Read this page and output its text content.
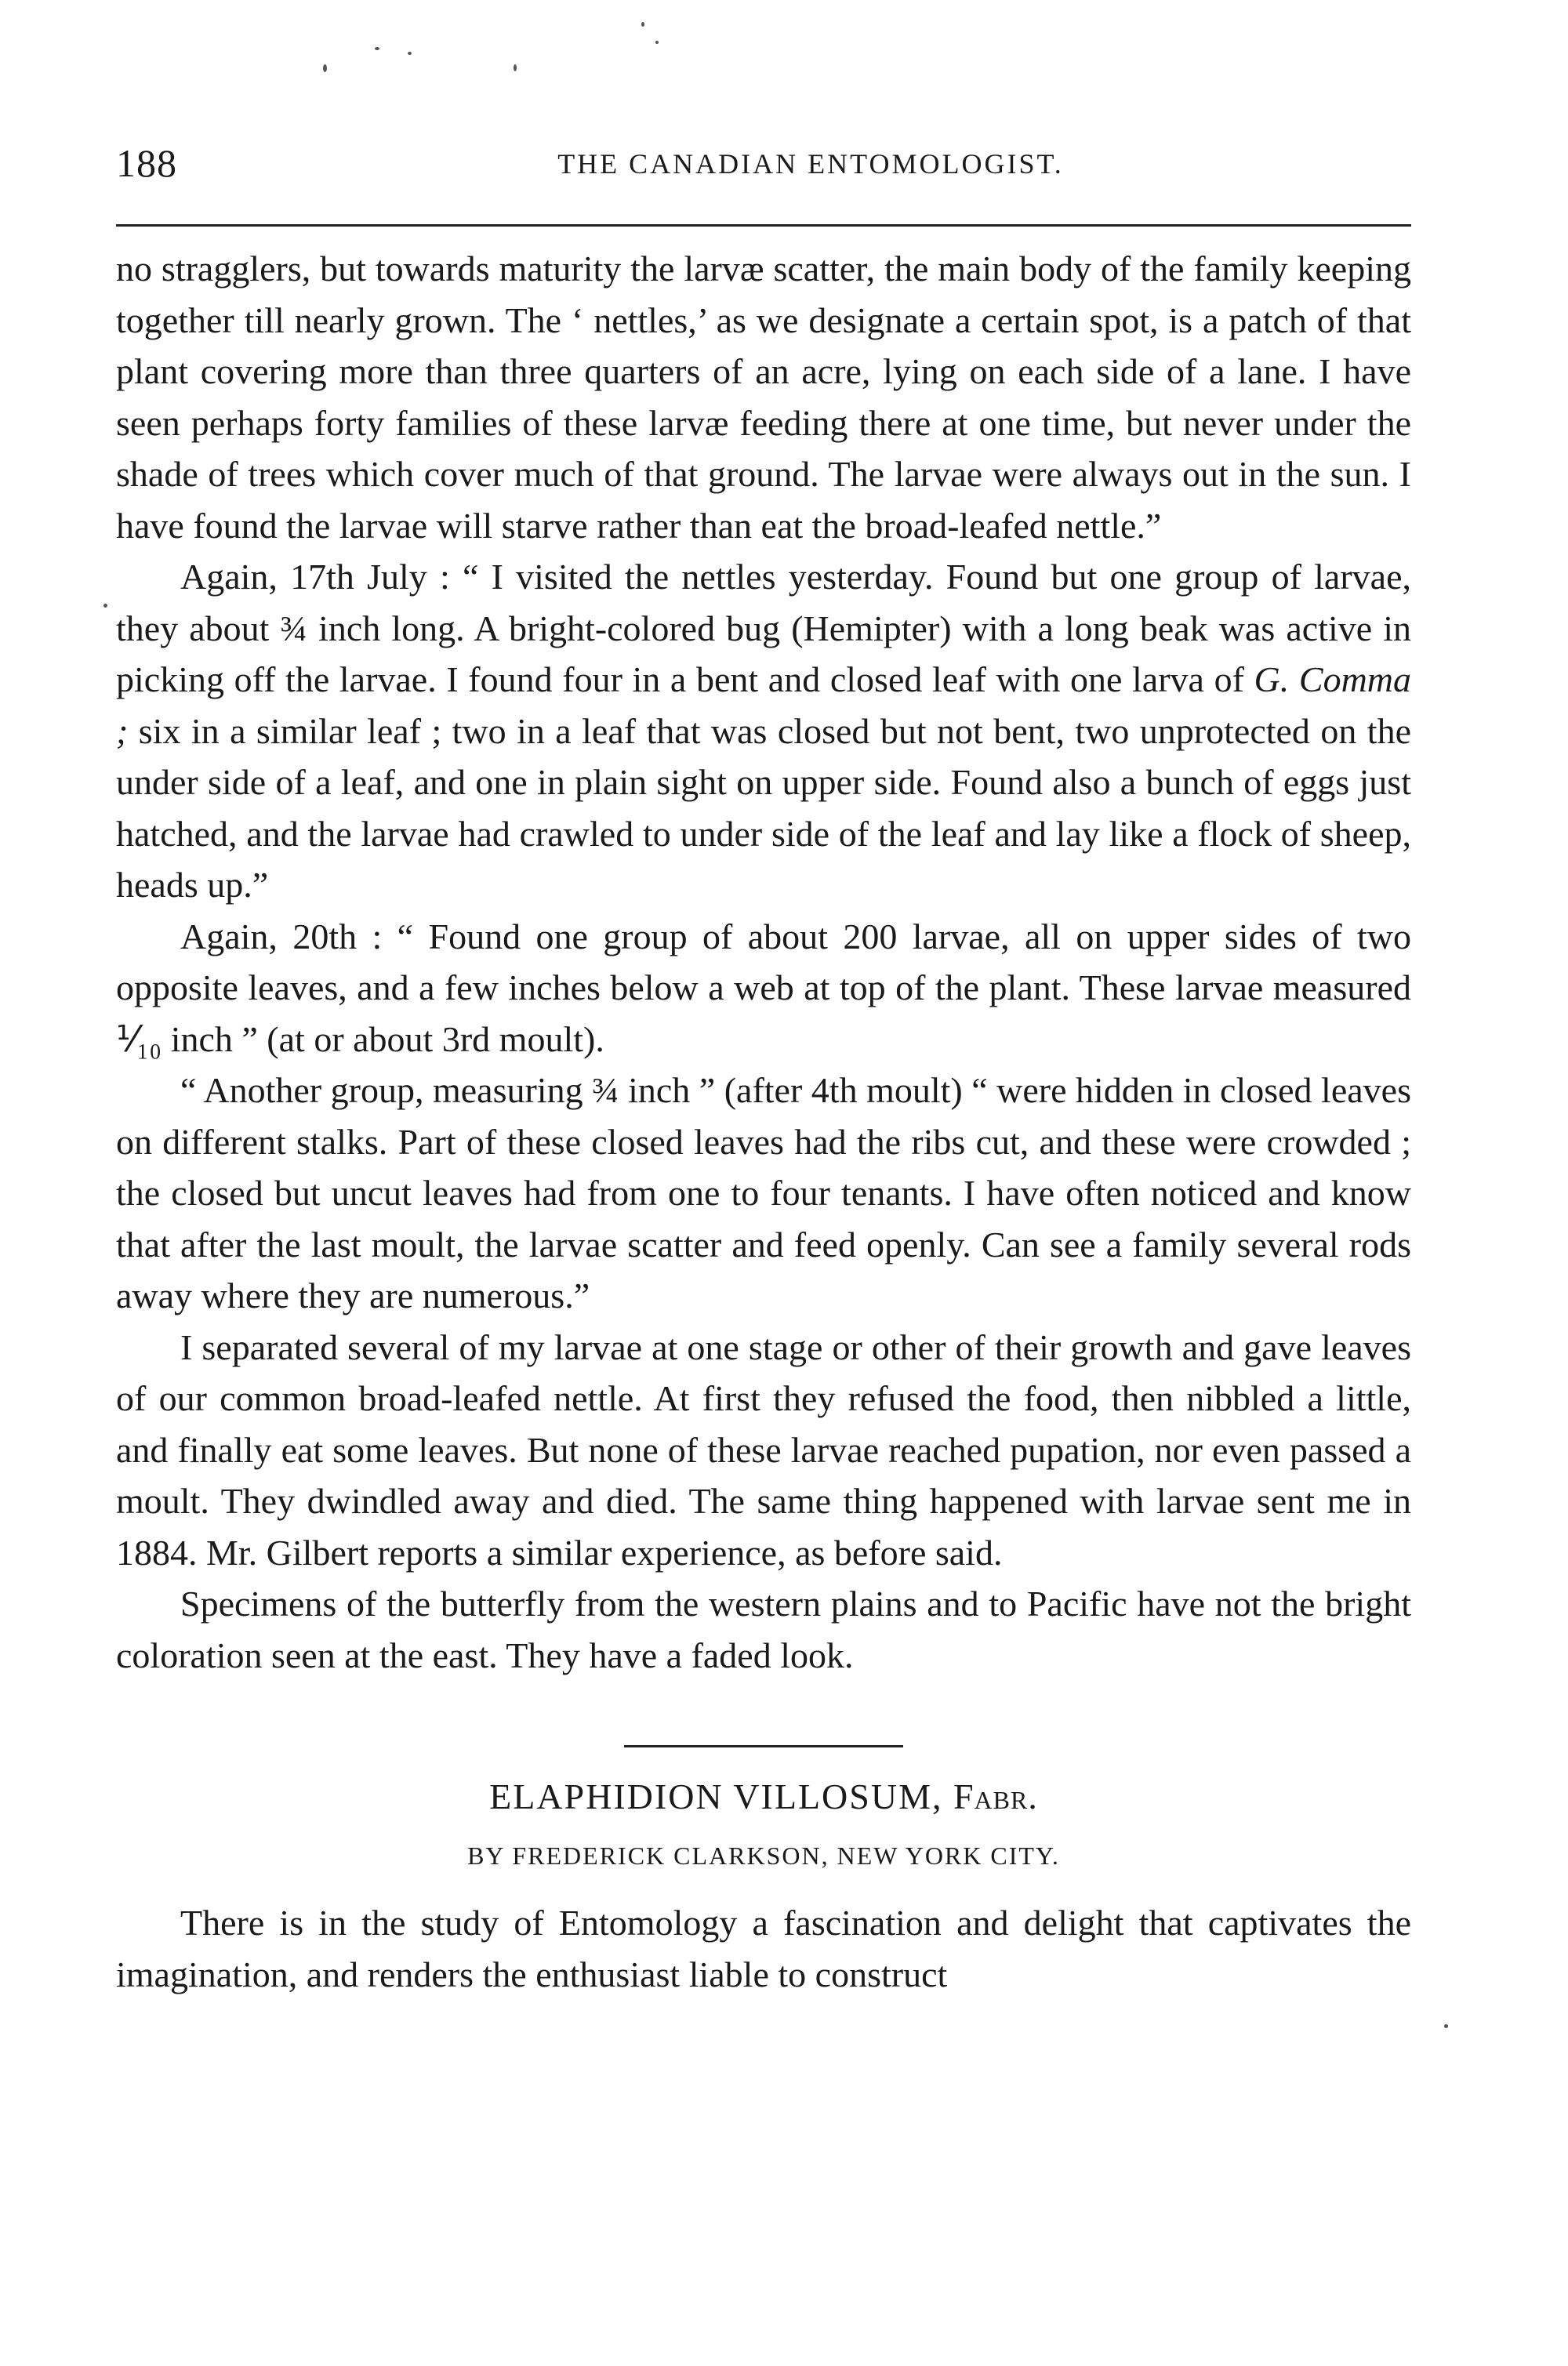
188	THE CANADIAN ENTOMOLOGIST.

no stragglers, but towards maturity the larvæ scatter, the main body of the family keeping together till nearly grown. The ‘ nettles,’ as we designate a certain spot, is a patch of that plant covering more than three quarters of an acre, lying on each side of a lane. I have seen perhaps forty families of these larvæ feeding there at one time, but never under the shade of trees which cover much of that ground. The larvae were always out in the sun. I have found the larvae will starve rather than eat the broad-leafed nettle.”

Again, 17th July : “ I visited the nettles yesterday. Found but one group of larvae, they about ¾ inch long. A bright-colored bug (Hemipter) with a long beak was active in picking off the larvae. I found four in a bent and closed leaf with one larva of G. Comma ; six in a similar leaf ; two in a leaf that was closed but not bent, two unprotected on the under side of a leaf, and one in plain sight on upper side. Found also a bunch of eggs just hatched, and the larvae had crawled to under side of the leaf and lay like a flock of sheep, heads up.”

Again, 20th : “ Found one group of about 200 larvae, all on upper sides of two opposite leaves, and a few inches below a web at top of the plant. These larvae measured ⅟₁₀ inch ” (at or about 3rd moult).

“ Another group, measuring ¾ inch ” (after 4th moult) “ were hidden in closed leaves on different stalks. Part of these closed leaves had the ribs cut, and these were crowded ; the closed but uncut leaves had from one to four tenants. I have often noticed and know that after the last moult, the larvae scatter and feed openly. Can see a family several rods away where they are numerous.”

I separated several of my larvae at one stage or other of their growth and gave leaves of our common broad-leafed nettle. At first they refused the food, then nibbled a little, and finally eat some leaves. But none of these larvae reached pupation, nor even passed a moult. They dwindled away and died. The same thing happened with larvae sent me in 1884. Mr. Gilbert reports a similar experience, as before said.

Specimens of the butterfly from the western plains and to Pacific have not the bright coloration seen at the east. They have a faded look.

ELAPHIDION VILLOSUM, Fabr.
BY FREDERICK CLARKSON, NEW YORK CITY.

There is in the study of Entomology a fascination and delight that captivates the imagination, and renders the enthusiast liable to construct
